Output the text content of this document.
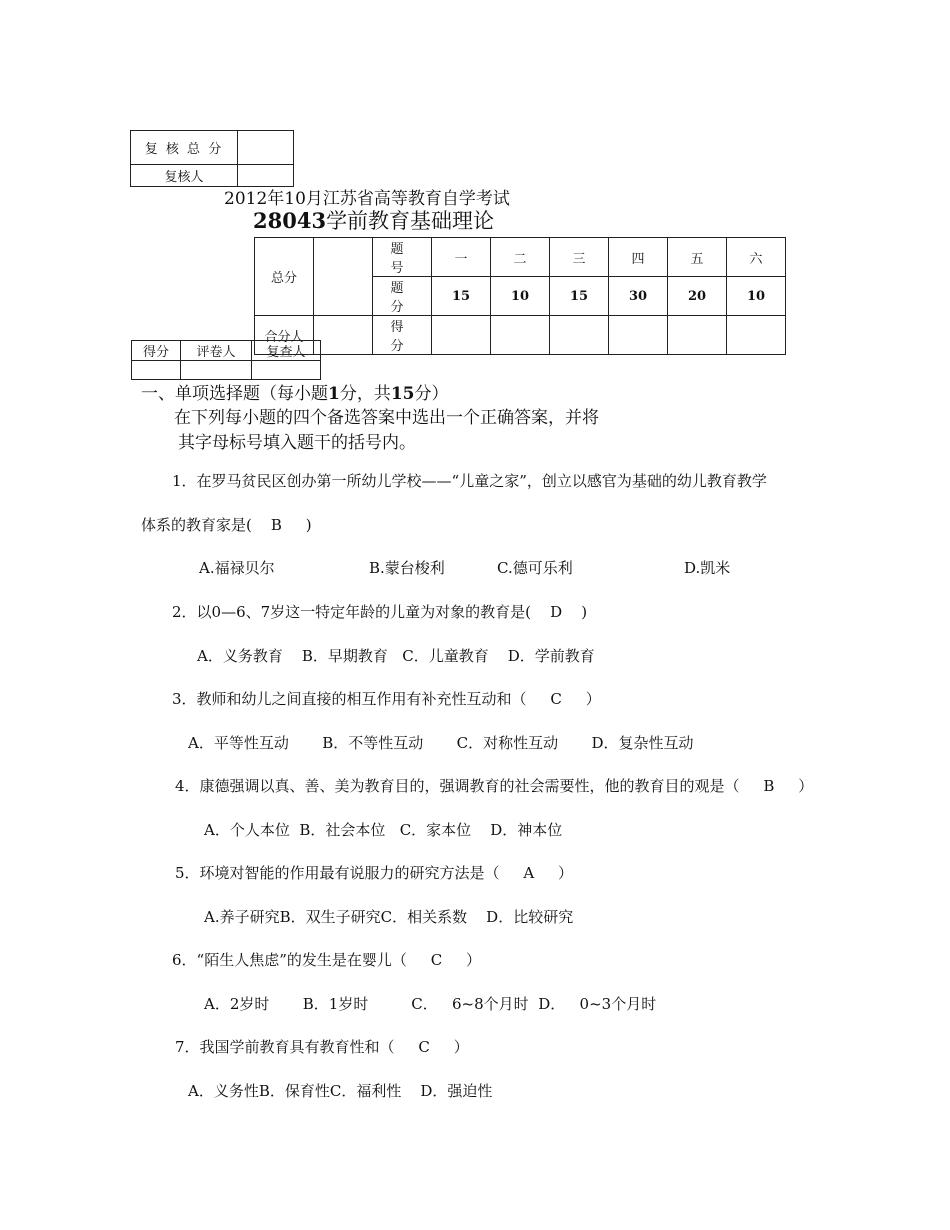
复 核 总 分	
复核人	
2012年10月江苏省高等教育自学考试
28043学前教育基础理论
总分		题　号	一	二	三	四	五	六
		题　分	15	10	15	30	20	10
合分人		得　分						
得分	评卷人	复查人

一、单项选择题（每小题1分，共15分）
在下列每小题的四个备选答案中选出一个正确答案，并将
其字母标号填入题干的括号内。
1．在罗马贫民区创办第一所幼儿学校——“儿童之家”，创立以感官为基础的幼儿教育教学
体系的教育家是(    B     )
A.福禄贝尔	B.蒙台梭利	C.德可乐利	D.凯米
2．以0—6、7岁这一特定年龄的儿童为对象的教育是(    D    )
A．义务教育    B．早期教育   C．儿童教育    D．学前教育
3．教师和幼儿之间直接的相互作用有补充性互动和（     C     ）
A．平等性互动       B．不等性互动       C．对称性互动       D．复杂性互动
4．康德强调以真、善、美为教育目的，强调教育的社会需要性，他的教育目的观是（     B     ）
A．个人本位  B．社会本位   C．家本位    D．神本位
5．环境对智能的作用最有说服力的研究方法是（     A     ）
A.养子研究B．双生子研究C．相关系数    D．比较研究
6．“陌生人焦虑”的发生是在婴儿（     C     ）
A．2岁时       B．1岁时         C．   6~8个月时  D．   0~3个月时
7．我国学前教育具有教育性和（     C     ）
A．义务性B．保育性C．福利性    D．强迫性
